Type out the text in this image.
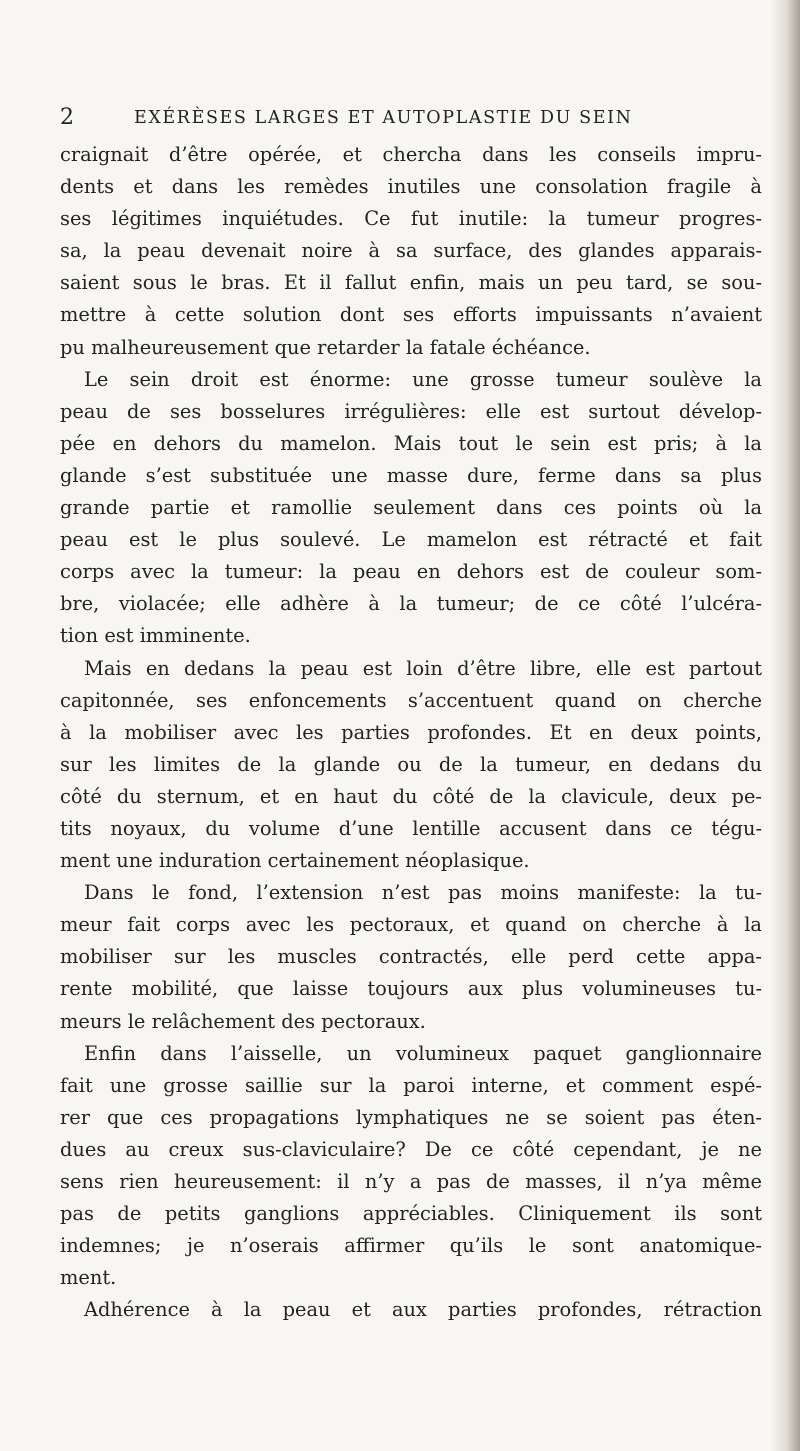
2	EXÉRÈSES LARGES ET AUTOPLASTIE DU SEIN
craignait d’être opérée, et chercha dans les conseils impru-
dents et dans les remèdes inutiles une consolation fragile à
ses légitimes inquiétudes. Ce fut inutile: la tumeur progres-
sa, la peau devenait noire à sa surface, des glandes apparais-
saient sous le bras. Et il fallut enfin, mais un peu tard, se sou-
mettre à cette solution dont ses efforts impuissants n’avaient
pu malheureusement que retarder la fatale échéance.
Le sein droit est énorme: une grosse tumeur soulève la
peau de ses bosselures irrégulières: elle est surtout dévelop-
pée en dehors du mamelon. Mais tout le sein est pris; à la
glande s’est substituée une masse dure, ferme dans sa plus
grande partie et ramollie seulement dans ces points où la
peau est le plus soulevé. Le mamelon est rétracté et fait
corps avec la tumeur: la peau en dehors est de couleur som-
bre, violacée; elle adhère à la tumeur; de ce côté l’ulcéra-
tion est imminente.
Mais en dedans la peau est loin d’être libre, elle est partout
capitonnée, ses enfoncements s’accentuent quand on cherche
à la mobiliser avec les parties profondes. Et en deux points,
sur les limites de la glande ou de la tumeur, en dedans du
côté du sternum, et en haut du côté de la clavicule, deux pe-
tits noyaux, du volume d’une lentille accusent dans ce tégu-
ment une induration certainement néoplasique.
Dans le fond, l’extension n’est pas moins manifeste: la tu-
meur fait corps avec les pectoraux, et quand on cherche à la
mobiliser sur les muscles contractés, elle perd cette appa-
rente mobilité, que laisse toujours aux plus volumineuses tu-
meurs le relâchement des pectoraux.
Enfin dans l’aisselle, un volumineux paquet ganglionnaire
fait une grosse saillie sur la paroi interne, et comment espé-
rer que ces propagations lymphatiques ne se soient pas éten-
dues au creux sus-claviculaire? De ce côté cependant, je ne
sens rien heureusement: il n’y a pas de masses, il n’ya même
pas de petits ganglions appréciables. Cliniquement ils sont
indemnes; je n’oserais affirmer qu’ils le sont anatomique-
ment.
Adhérence à la peau et aux parties profondes, rétraction
